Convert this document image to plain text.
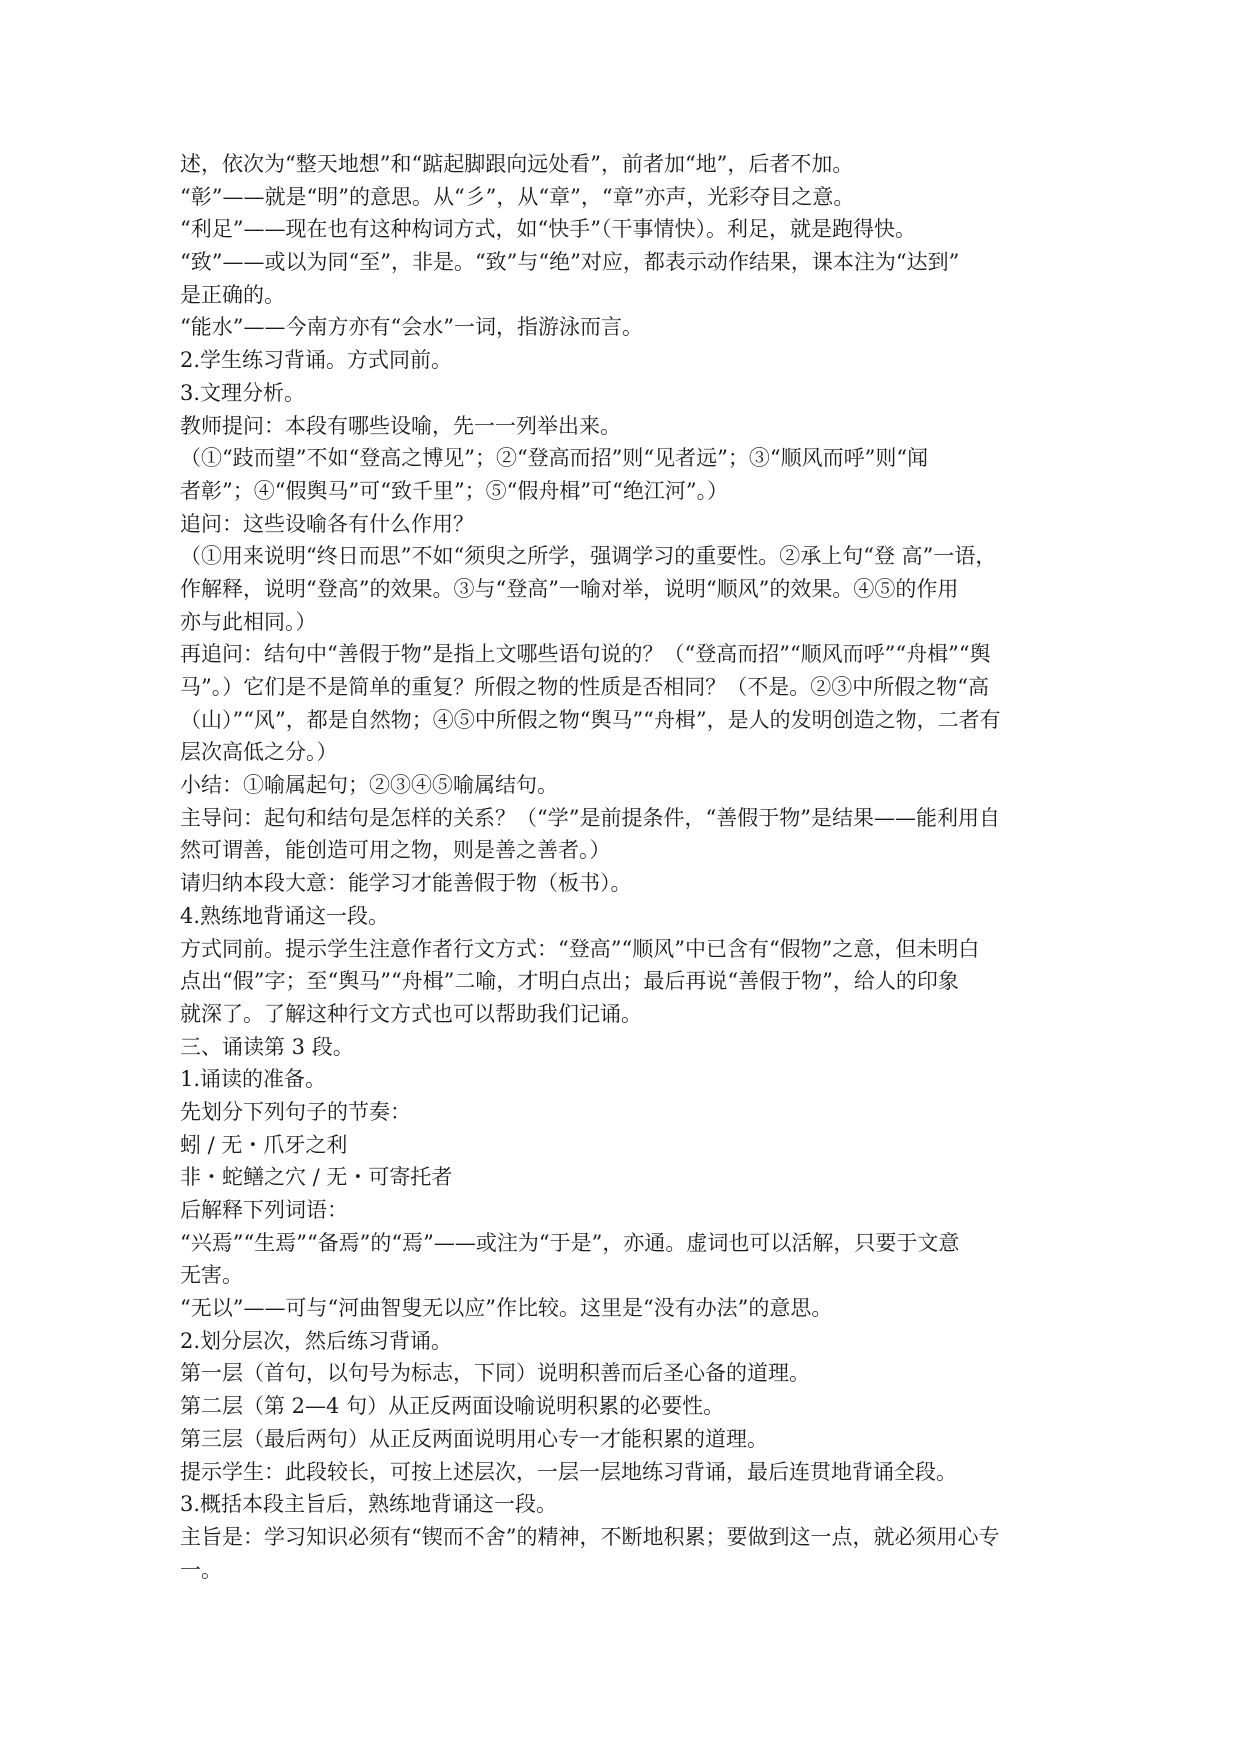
述，依次为“整天地想”和“踮起脚跟向远处看”，前者加“地”，后者不加。
“彰”——就是“明”的意思。从“彡”，从“章”，“章”亦声，光彩夺目之意。
“利足”——现在也有这种构词方式，如“快手”（干事情快）。利足，就是跑得快。
“致”——或以为同“至”，非是。“致”与“绝”对应，都表示动作结果，课本注为“达到”
是正确的。
“能水”——今南方亦有“会水”一词，指游泳而言。
2.学生练习背诵。方式同前。
3.文理分析。
教师提问：本段有哪些设喻，先一一列举出来。
（①“跂而望”不如“登高之博见”；②“登高而招”则“见者远”；③“顺风而呼”则“闻
者彰”；④“假舆马”可“致千里”；⑤“假舟楫”可“绝江河”。）
追问：这些设喻各有什么作用？
（①用来说明“终日而思”不如“须臾之所学，强调学习的重要性。②承上句“登 高”一语，
作解释，说明“登高”的效果。③与“登高”一喻对举，说明“顺风”的效果。④⑤的作用
亦与此相同。）
再追问：结句中“善假于物”是指上文哪些语句说的？（“登高而招”“顺风而呼”“舟楫”“舆
马”。）它们是不是简单的重复？所假之物的性质是否相同？（不是。②③中所假之物“高
（山）”“风”，都是自然物；④⑤中所假之物“舆马”“舟楫”，是人的发明创造之物，二者有
层次高低之分。）
小结：①喻属起句；②③④⑤喻属结句。
主导问：起句和结句是怎样的关系？（“学”是前提条件，“善假于物”是结果——能利用自
然可谓善，能创造可用之物，则是善之善者。）
请归纳本段大意：能学习才能善假于物（板书）。
4.熟练地背诵这一段。
方式同前。提示学生注意作者行文方式：“登高”“顺风”中已含有“假物”之意，但未明白
点出“假”字；至“舆马”“舟楫”二喻，才明白点出；最后再说“善假于物”，给人的印象
就深了。了解这种行文方式也可以帮助我们记诵。
三、诵读第 3 段。
1.诵读的准备。
先划分下列句子的节奏：
蚓 / 无・爪牙之利
非・蛇鳝之穴 / 无・可寄托者
后解释下列词语：
“兴焉”“生焉”“备焉”的“焉”——或注为“于是”，亦通。虚词也可以活解，只要于文意
无害。
“无以”——可与“河曲智叟无以应”作比较。这里是“没有办法”的意思。
2.划分层次，然后练习背诵。
第一层（首句，以句号为标志，下同）说明积善而后圣心备的道理。
第二层（第 2—4 句）从正反两面设喻说明积累的必要性。
第三层（最后两句）从正反两面说明用心专一才能积累的道理。
提示学生：此段较长，可按上述层次，一层一层地练习背诵，最后连贯地背诵全段。
3.概括本段主旨后，熟练地背诵这一段。
主旨是：学习知识必须有“锲而不舍”的精神，不断地积累；要做到这一点，就必须用心专
一。
